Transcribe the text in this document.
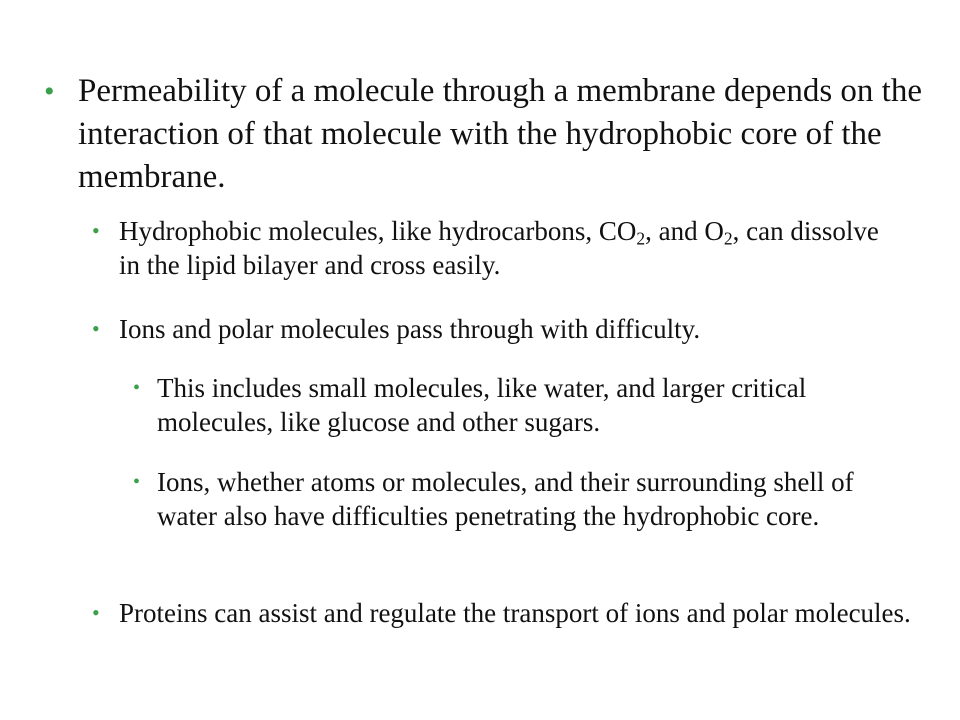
• Permeability of a molecule through a membrane depends on the interaction of that molecule with the hydrophobic core of the membrane.
• Hydrophobic molecules, like hydrocarbons, $CO_2$, and $O_2$, can dissolve in the lipid bilayer and cross easily.
• Ions and polar molecules pass through with difficulty.
• This includes small molecules, like water, and larger critical molecules, like glucose and other sugars.
• Ions, whether atoms or molecules, and their surrounding shell of water also have difficulties penetrating the hydrophobic core.
• Proteins can assist and regulate the transport of ions and polar molecules.
